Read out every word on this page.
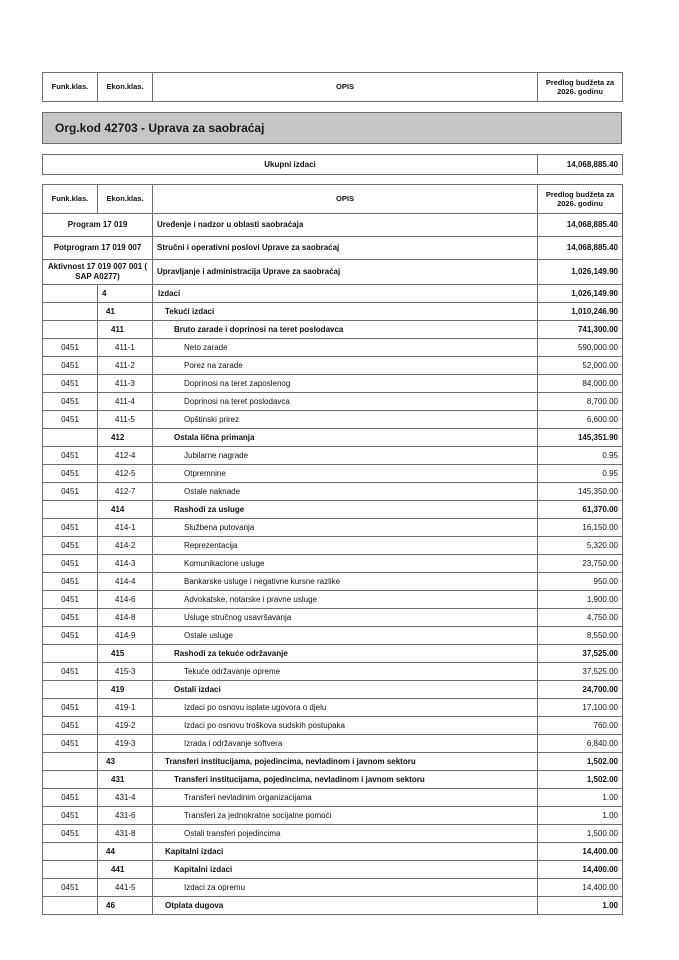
Funk.klas.	Ekon.klas.	OPIS	Predlog budžeta za 2026. godinu
Org.kod 42703 - Uprava za saobraćaj
Ukupni izdaci	14,068,885.40
Funk.klas.	Ekon.klas.	OPIS	Predlog budžeta za 2026. godinu
Program 17 019		Uređenje i nadzor u oblasti saobraćaja	14,068,885.40
Potprogram 17 019 007		Stručni i operativni poslovi Uprave za saobraćaj	14,068,885.40
Aktivnost 17 019 007 001 ( SAP A0277)		Upravljanje i administracija Uprave za saobraćaj	1,026,149.90
	4	Izdaci	1,026,149.90
	41	Tekući izdaci	1,010,246.90
	411	Bruto zarade i doprinosi na teret poslodavca	741,300.00
0451	411-1	Neto zarade	590,000.00
0451	411-2	Porez na zarade	52,000.00
0451	411-3	Doprinosi na teret zaposlenog	84,000.00
0451	411-4	Doprinosi na teret poslodavca	8,700.00
0451	411-5	Opštinski prirez	6,600.00
	412	Ostala lična primanja	145,351.90
0451	412-4	Jubilarne nagrade	0.95
0451	412-5	Otpremnine	0.95
0451	412-7	Ostale naknade	145,350.00
	414	Rashodi za usluge	61,370.00
0451	414-1	Službena putovanja	16,150.00
0451	414-2	Reprezentacija	5,320.00
0451	414-3	Komunikacione usluge	23,750.00
0451	414-4	Bankarske usluge i negativne kursne razlike	950.00
0451	414-6	Advokatske, notarske i pravne usluge	1,900.00
0451	414-8	Usluge stručnog usavršavanja	4,750.00
0451	414-9	Ostale usluge	8,550.00
	415	Rashodi za tekuće održavanje	37,525.00
0451	415-3	Tekuće održavanje opreme	37,525.00
	419	Ostali izdaci	24,700.00
0451	419-1	Izdaci po osnovu isplate ugovora o djelu	17,100.00
0451	419-2	Izdaci po osnovu troškova sudskih postupaka	760.00
0451	419-3	Izrada i održavanje softvera	6,840.00
	43	Transferi institucijama, pojedincima, nevladinom i javnom sektoru	1,502.00
	431	Transferi institucijama, pojedincima, nevladinom i javnom sektoru	1,502.00
0451	431-4	Transferi nevladinim organizacijama	1.00
0451	431-6	Transferi za jednokratne socijalne pomoći	1.00
0451	431-8	Ostali transferi pojedincima	1,500.00
	44	Kapitalni izdaci	14,400.00
	441	Kapitalni izdaci	14,400.00
0451	441-5	Izdaci za opremu	14,400.00
	46	Otplata dugova	1.00
